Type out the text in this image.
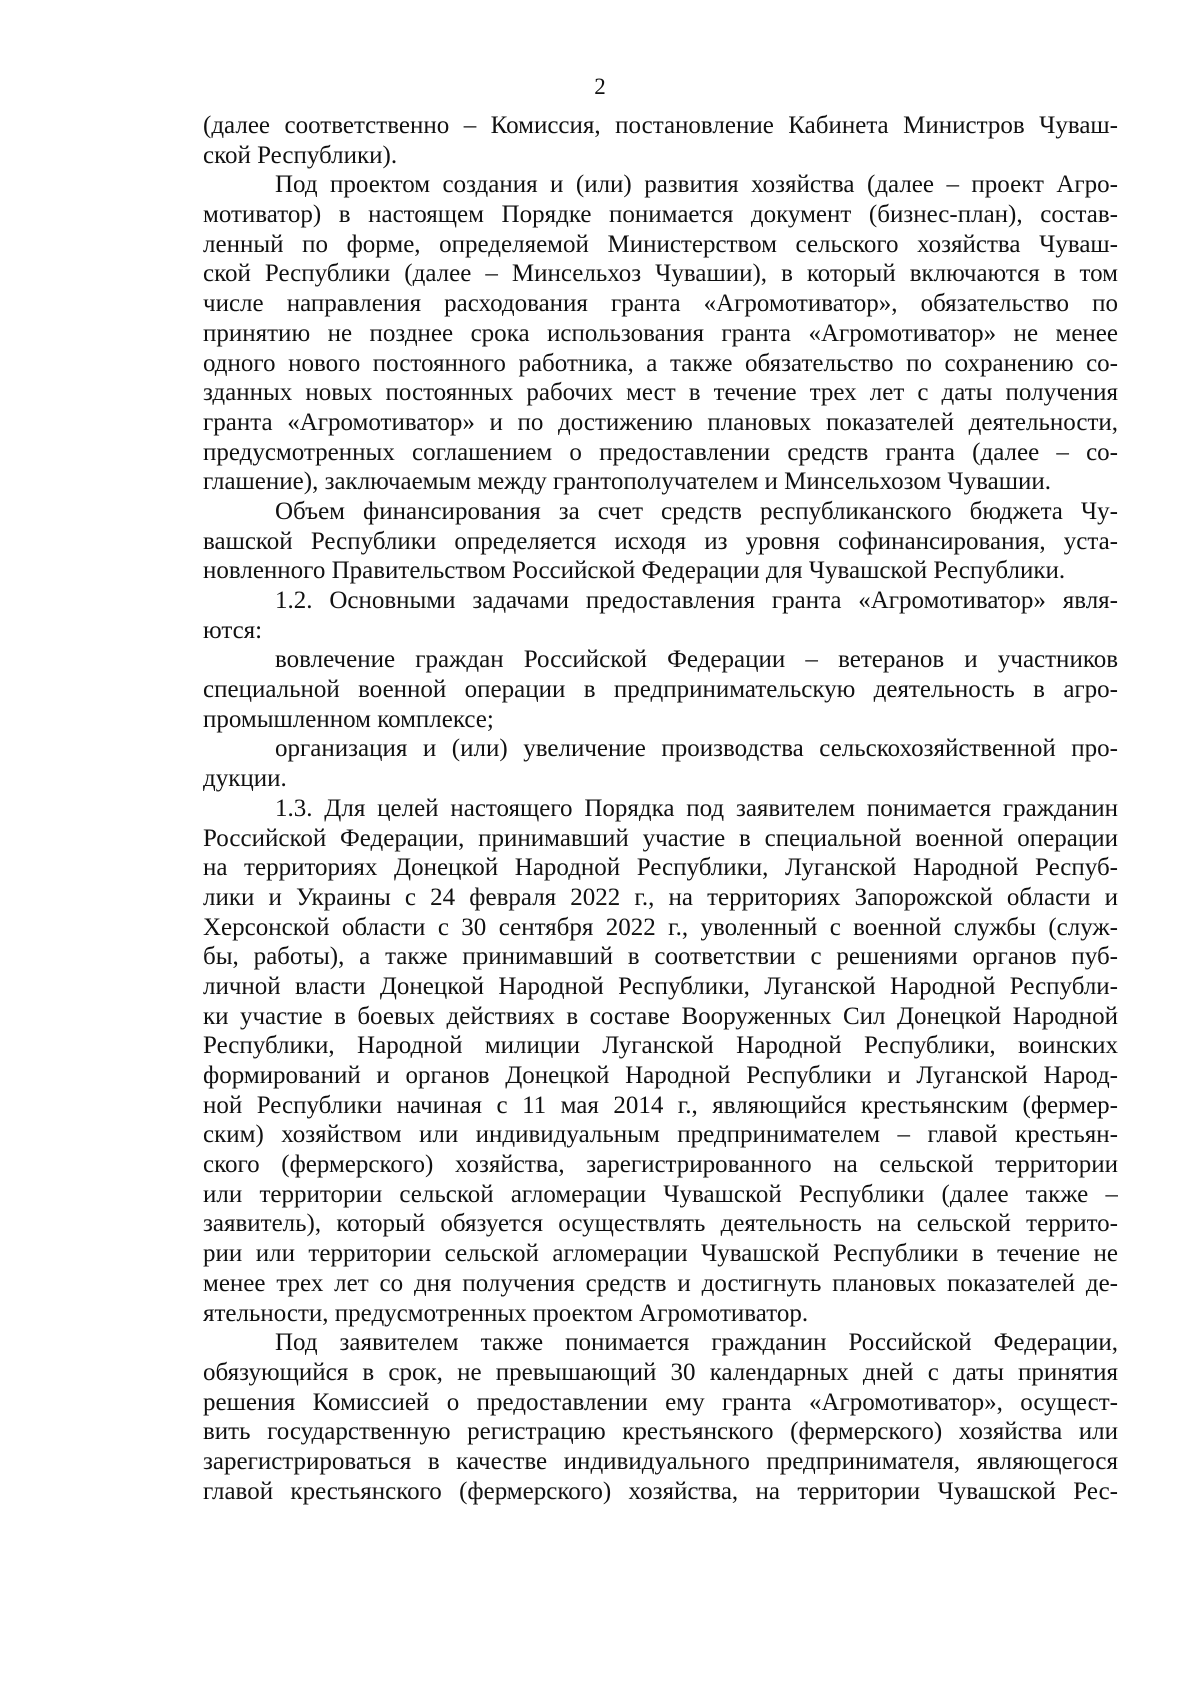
2
(далее соответственно – Комиссия, постановление Кабинета Министров Чуваш-
ской Республики).
Под проектом создания и (или) развития хозяйства (далее – проект Агро-
мотиватор) в настоящем Порядке понимается документ (бизнес-план), состав-
ленный по форме, определяемой Министерством сельского хозяйства Чуваш-
ской Республики (далее – Минсельхоз Чувашии), в который включаются в том
числе направления расходования гранта «Агромотиватор», обязательство по
принятию не позднее срока использования гранта «Агромотиватор» не менее
одного нового постоянного работника, а также обязательство по сохранению со-
зданных новых постоянных рабочих мест в течение трех лет с даты получения
гранта «Агромотиватор» и по достижению плановых показателей деятельности,
предусмотренных соглашением о предоставлении средств гранта (далее – со-
глашение), заключаемым между грантополучателем и Минсельхозом Чувашии.
Объем финансирования за счет средств республиканского бюджета Чу-
вашской Республики определяется исходя из уровня софинансирования, уста-
новленного Правительством Российской Федерации для Чувашской Республики.
1.2. Основными задачами предоставления гранта «Агромотиватор» явля-
ются:
вовлечение граждан Российской Федерации – ветеранов и участников
специальной военной операции в предпринимательскую деятельность в агро-
промышленном комплексе;
организация и (или) увеличение производства сельскохозяйственной про-
дукции.
1.3. Для целей настоящего Порядка под заявителем понимается гражданин
Российской Федерации, принимавший участие в специальной военной операции
на территориях Донецкой Народной Республики, Луганской Народной Респуб-
лики и Украины с 24 февраля 2022 г., на территориях Запорожской области и
Херсонской области с 30 сентября 2022 г., уволенный с военной службы (служ-
бы, работы), а также принимавший в соответствии с решениями органов пуб-
личной власти Донецкой Народной Республики, Луганской Народной Республи-
ки участие в боевых действиях в составе Вооруженных Сил Донецкой Народной
Республики, Народной милиции Луганской Народной Республики, воинских
формирований и органов Донецкой Народной Республики и Луганской Народ-
ной Республики начиная с 11 мая 2014 г., являющийся крестьянским (фермер-
ским) хозяйством или индивидуальным предпринимателем – главой крестьян-
ского (фермерского) хозяйства, зарегистрированного на сельской территории
или территории сельской агломерации Чувашской Республики (далее также –
заявитель), который обязуется осуществлять деятельность на сельской террито-
рии или территории сельской агломерации Чувашской Республики в течение не
менее трех лет со дня получения средств и достигнуть плановых показателей де-
ятельности, предусмотренных проектом Агромотиватор.
Под заявителем также понимается гражданин Российской Федерации,
обязующийся в срок, не превышающий 30 календарных дней с даты принятия
решения Комиссией о предоставлении ему гранта «Агромотиватор», осущест-
вить государственную регистрацию крестьянского (фермерского) хозяйства или
зарегистрироваться в качестве индивидуального предпринимателя, являющегося
главой крестьянского (фермерского) хозяйства, на территории Чувашской Рес-
